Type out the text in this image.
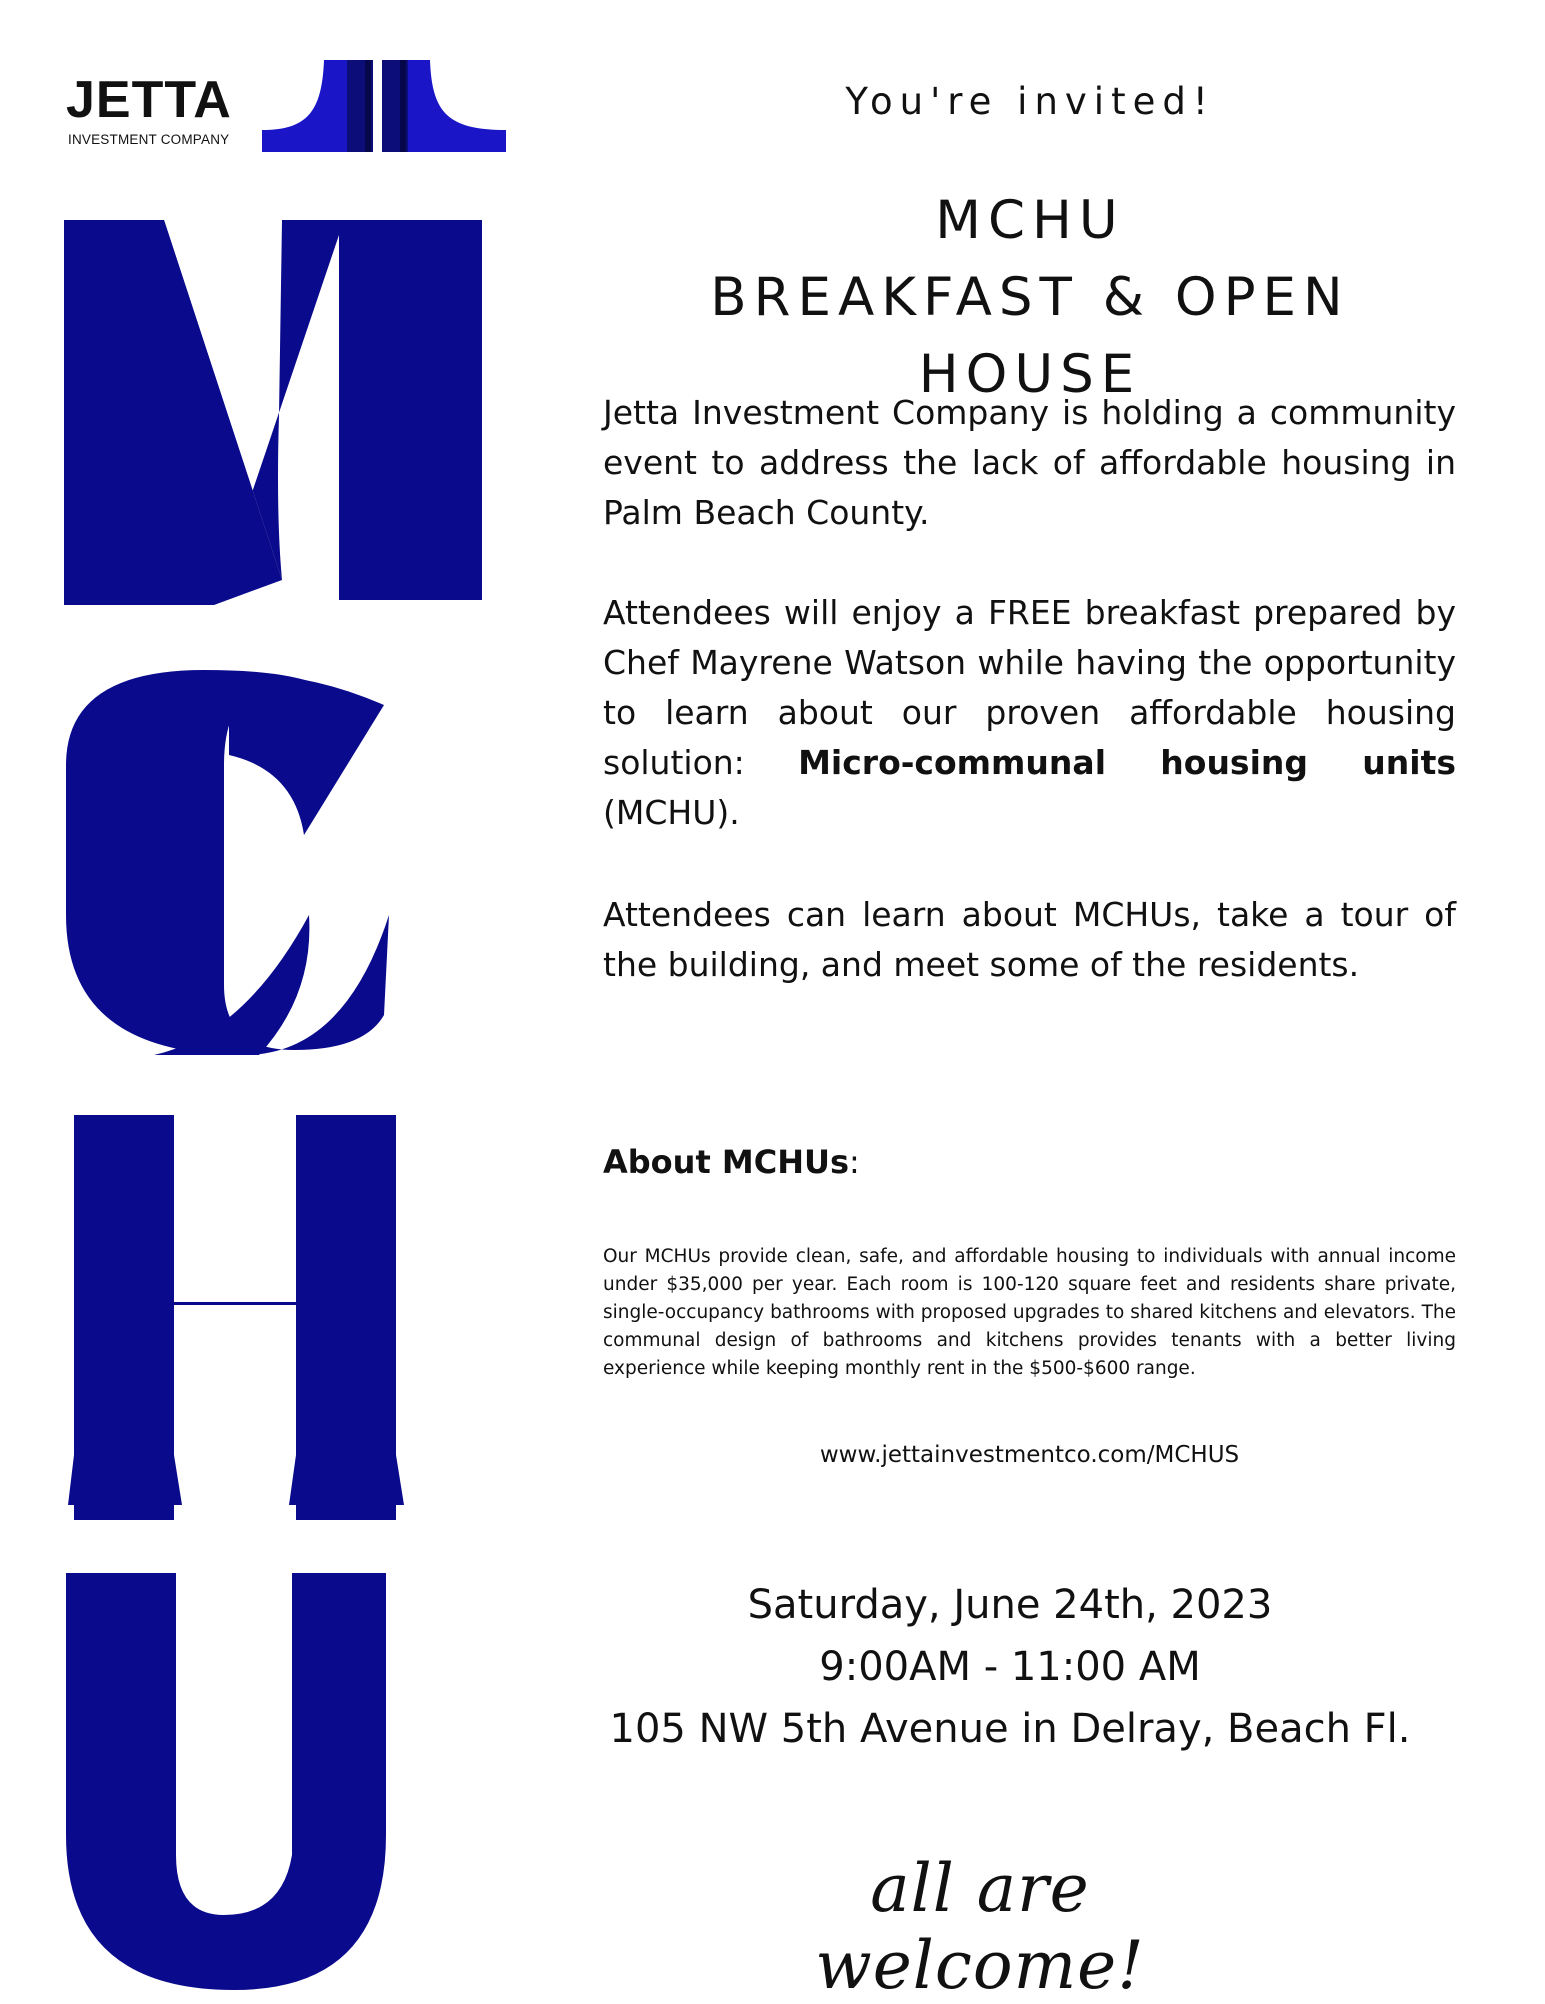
JETTA
INVESTMENT COMPANY
You're invited!
MCHU
BREAKFAST & OPEN HOUSE

Jetta Investment Company is holding a community event to address the lack of affordable housing in Palm Beach County.

Attendees will enjoy a FREE breakfast prepared by Chef Mayrene Watson while having the opportunity to learn about our proven affordable housing solution: Micro-communal housing units (MCHU).

Attendees can learn about MCHUs, take a tour of the building, and meet some of the residents.

About MCHUs:

Our MCHUs provide clean, safe, and affordable housing to individuals with annual income under $35,000 per year. Each room is 100-120 square feet and residents share private, single-occupancy bathrooms with proposed upgrades to shared kitchens and elevators. The communal design of bathrooms and kitchens provides tenants with a better living experience while keeping monthly rent in the $500-$600 range.

www.jettainvestmentco.com/MCHUS
Saturday, June 24th, 2023
9:00AM - 11:00 AM
105 NW 5th Avenue in Delray, Beach Fl.
all are welcome!
